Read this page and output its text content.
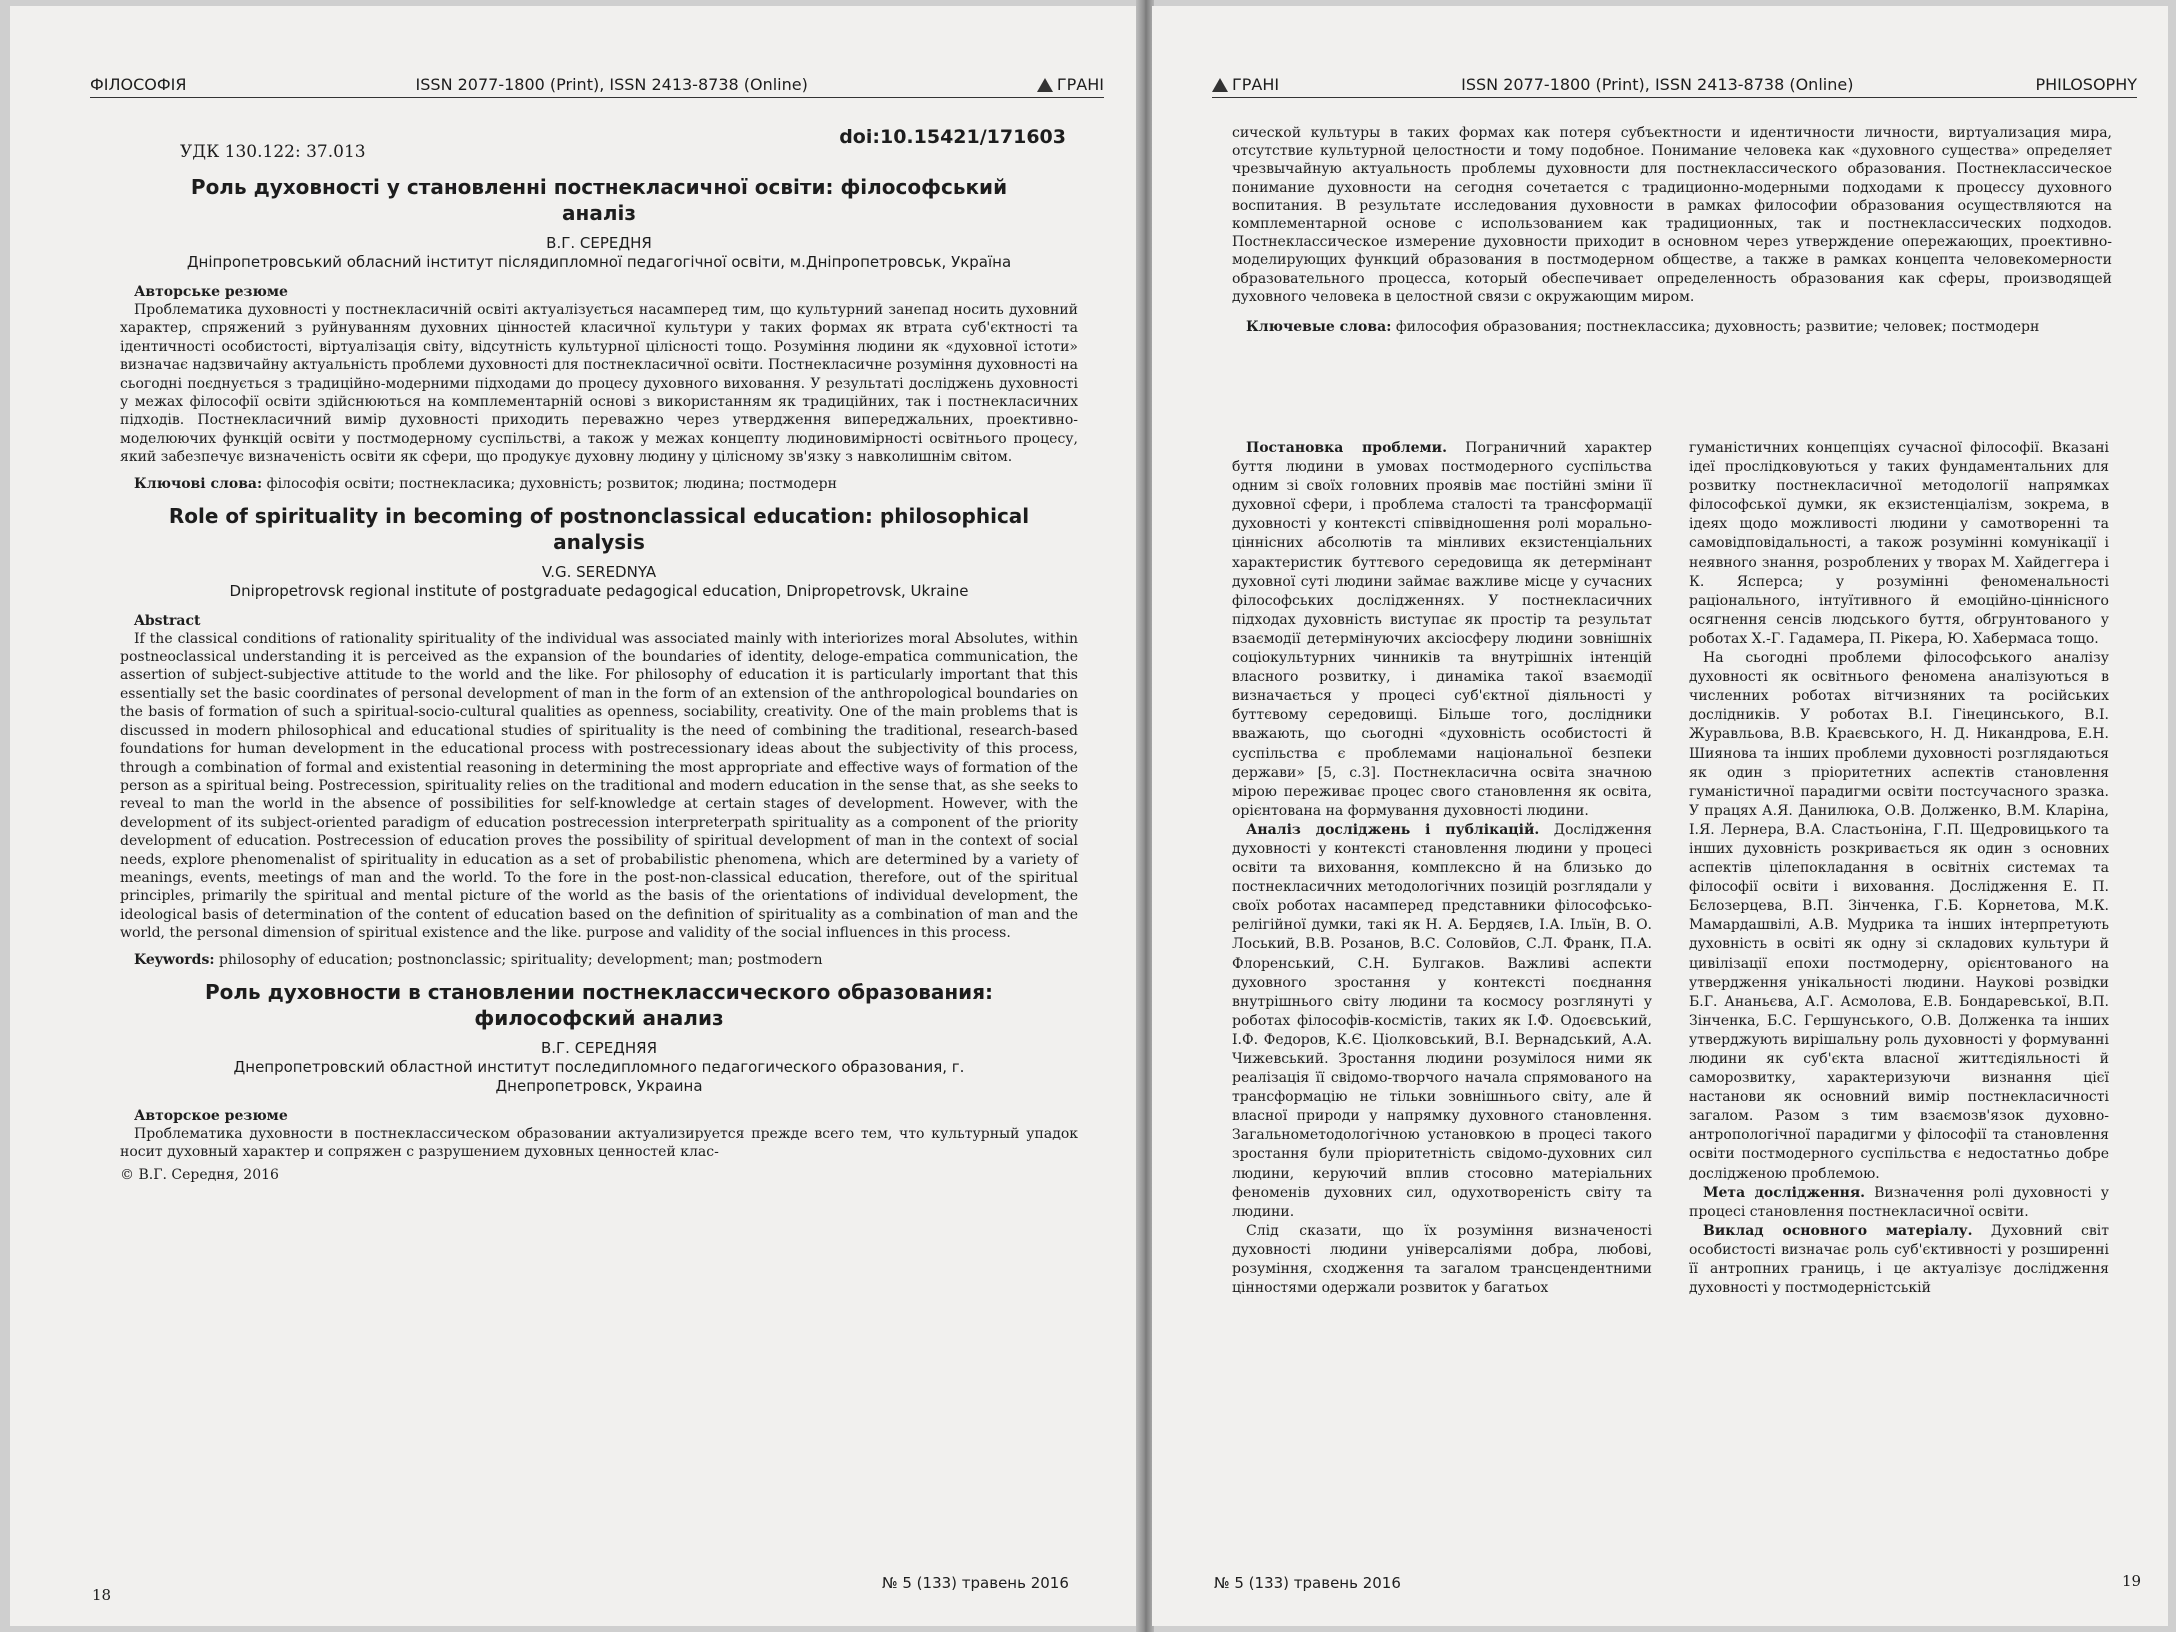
ФІЛОСОФІЯ	ISSN 2077-1800 (Print), ISSN 2413-8738 (Online)	ГРАНІ
УДК 130.122: 37.013
doi:10.15421/171603
Роль духовності у становленні постнекласичної освіти: філософський аналіз
В.Г. СЕРЕДНЯ
Дніпропетровський обласний інститут післядипломної педагогічної освіти, м.Дніпропетровськ, Україна
Авторське резюме

Проблематика духовності у постнекласичній освіті актуалізується насамперед тим, що культурний занепад носить духовний характер, спряжений з руйнуванням духовних цінностей класичної культури у таких формах як втрата суб'єктності та ідентичності особистості, віртуалізація світу, відсутність культурної цілісності тощо. Розуміння людини як «духовної істоти» визначає надзвичайну актуальність проблеми духовності для постнекласичної освіти. Постнекласичне розуміння духовності на сьогодні поєднується з традиційно-модерними підходами до процесу духовного виховання. У результаті досліджень духовності у межах філософії освіти здійснюються на комплементарній основі з використанням як традиційних, так і постнекласичних підходів. Постнекласичний вимір духовності приходить переважно через утвердження випереджальних, проективно-моделюючих функцій освіти у постмодерному суспільстві, а також у межах концепту людиновимірності освітнього процесу, який забезпечує визначеність освіти як сфери, що продукує духовну людину у цілісному зв'язку з навколишнім світом.

Ключові слова: філософія освіти; постнекласика; духовність; розвиток; людина; постмодерн
Role of spirituality in becoming of postnonclassical education: philosophical analysis
V.G. SEREDNYA
Dnipropetrovsk regional institute of postgraduate pedagogical education, Dnipropetrovsk, Ukraine
Abstract

If the classical conditions of rationality spirituality of the individual was associated mainly with interiorizes moral Absolutes, within postneoclassical understanding it is perceived as the expansion of the boundaries of identity, deloge-empatica communication, the assertion of subject-subjective attitude to the world and the like. For philosophy of education it is particularly important that this essentially set the basic coordinates of personal development of man in the form of an extension of the anthropological boundaries on the basis of formation of such a spiritual-socio-cultural qualities as openness, sociability, creativity. One of the main problems that is discussed in modern philosophical and educational studies of spirituality is the need of combining the traditional, research-based foundations for human development in the educational process with postrecessionary ideas about the subjectivity of this process, through a combination of formal and existential reasoning in determining the most appropriate and effective ways of formation of the person as a spiritual being. Postrecession, spirituality relies on the traditional and modern education in the sense that, as she seeks to reveal to man the world in the absence of possibilities for self-knowledge at certain stages of development. However, with the development of its subject-oriented paradigm of education postrecession interpreterpath spirituality as a component of the priority development of education. Postrecession of education proves the possibility of spiritual development of man in the context of social needs, explore phenomenalist of spirituality in education as a set of probabilistic phenomena, which are determined by a variety of meanings, events, meetings of man and the world. To the fore in the post-non-classical education, therefore, out of the spiritual principles, primarily the spiritual and mental picture of the world as the basis of the orientations of individual development, the ideological basis of determination of the content of education based on the definition of spirituality as a combination of man and the world, the personal dimension of spiritual existence and the like. purpose and validity of the social influences in this process.

Keywords: philosophy of education; postnonclassic; spirituality; development; man; postmodern
Роль духовности в становлении постнеклассического образования: философский анализ
В.Г. СЕРЕДНЯЯ
Днепропетровский областной институт последипломного педагогического образования, г. Днепропетровск, Украина
Авторское резюме

Проблематика духовности в постнеклассическом образовании актуализируется прежде всего тем, что культурный упадок носит духовный характер и сопряжен с разрушением духовных ценностей клас-

© В.Г. Середня, 2016
18
№ 5 (133) травень 2016
ГРАНІ	ISSN 2077-1800 (Print), ISSN 2413-8738 (Online)	PHILOSOPHY

сической культуры в таких формах как потеря субъектности и идентичности личности, виртуализация мира, отсутствие культурной целостности и тому подобное. Понимание человека как «духовного существа» определяет чрезвычайную актуальность проблемы духовности для постнеклассического образования. Постнеклассическое понимание духовности на сегодня сочетается с традиционно-модерными подходами к процессу духовного воспитания. В результате исследования духовности в рамках философии образования осуществляются на комплементарной основе с использованием как традиционных, так и постнеклассических подходов. Постнеклассическое измерение духовности приходит в основном через утверждение опережающих, проективно-моделирующих функций образования в постмодерном обществе, а также в рамках концепта человекомерности образовательного процесса, который обеспечивает определенность образования как сферы, производящей духовного человека в целостной связи с окружающим миром.

Ключевые слова: философия образования; постнеклассика; духовность; развитие; человек; постмодерн

Постановка проблеми. Пограничний характер буття людини в умовах постмодерного суспільства одним зі своїх головних проявів має постійні зміни її духовної сфери, і проблема сталості та трансформації духовності у контексті співвідношення ролі морально-ціннісних абсолютів та мінливих екзистенціальних характеристик буттєвого середовища як детермінант духовної суті людини займає важливе місце у сучасних філософських дослідженнях. У постнекласичних підходах духовність виступає як простір та результат взаємодії детермінуючих аксіосферу людини зовнішніх соціокультурних чинників та внутрішніх інтенцій власного розвитку, і динаміка такої взаємодії визначається у процесі суб'єктної діяльності у буттєвому середовищі. Більше того, дослідники вважають, що сьогодні «духовність особистості й суспільства є проблемами національної безпеки держави» [5, с.3]. Постнекласична освіта значною мірою переживає процес свого становлення як освіта, орієнтована на формування духовності людини.

Аналіз досліджень і публікацій. Дослідження духовності у контексті становлення людини у процесі освіти та виховання, комплексно й на близько до постнекласичних методологічних позицій розглядали у своїх роботах насамперед представники філософсько-релігійної думки, такі як Н. А. Бердяєв, І.А. Ільїн, В. О. Лоський, В.В. Розанов, В.С. Соловйов, С.Л. Франк, П.А. Флоренський, С.Н. Булгаков. Важливі аспекти духовного зростання у контексті поєднання внутрішнього світу людини та космосу розглянуті у роботах філософів-космістів, таких як І.Ф. Одоєвський, І.Ф. Федоров, К.Є. Ціолковський, В.І. Вернадський, А.А. Чижевський. Зростання людини розумілося ними як реалізація її свідомо-творчого начала спрямованого на трансформацію не тільки зовнішнього світу, але й власної природи у напрямку духовного становлення. Загальнометодологічною установкою в процесі такого зростання були пріоритетність свідомо-духовних сил людини, керуючий вплив стосовно матеріальних феноменів духовних сил, одухотвореність світу та людини.

Слід сказати, що їх розуміння визначеності духовності людини універсаліями добра, любові, розуміння, сходження та загалом трансцендентними цінностями одержали розвиток у багатьох

гуманістичних концепціях сучасної філософії. Вказані ідеї прослідковуються у таких фундаментальних для розвитку постнекласичної методології напрямках філософської думки, як екзистенціалізм, зокрема, в ідеях щодо можливості людини у самотворенні та самовідповідальності, а також розумінні комунікації і неявного знання, розроблених у творах М. Хайдеггера і К. Ясперса; у розумінні феноменальності раціонального, інтуїтивного й емоційно-ціннісного осягнення сенсів людського буття, обгрунтованого у роботах Х.-Г. Гадамера, П. Рікера, Ю. Хабермаса тощо.

На сьогодні проблеми філософського аналізу духовності як освітнього феномена аналізуються в численних роботах вітчизняних та російських дослідників. У роботах В.І. Гінецинського, В.І. Журавльова, В.В. Краєвського, Н. Д. Никандрова, Е.Н. Шиянова та інших проблеми духовності розглядаються як один з пріоритетних аспектів становлення гуманістичної парадигми освіти постсучасного зразка. У працях А.Я. Данилюка, О.В. Долженко, В.М. Кларіна, І.Я. Лернера, В.А. Сластьоніна, Г.П. Щедровицького та інших духовність розкривається як один з основних аспектів цілепокладання в освітніх системах та філософії освіти і виховання. Дослідження Е. П. Бєлозерцева, В.П. Зінченка, Г.Б. Корнетова, М.К. Мамардашвілі, А.В. Мудрика та інших інтерпретують духовність в освіті як одну зі складових культури й цивілізації епохи постмодерну, орієнтованого на утвердження унікальності людини. Наукові розвідки Б.Г. Ананьєва, А.Г. Асмолова, Е.В. Бондаревської, В.П. Зінченка, Б.С. Гершунського, О.В. Долженка та інших утверджують вирішальну роль духовності у формуванні людини як суб'єкта власної життєдіяльності й саморозвитку, характеризуючи визнання цієї настанови як основний вимір постнекласичності загалом. Разом з тим взаємозв'язок духовно-антропологічної парадигми у філософії та становлення освіти постмодерного суспільства є недостатньо добре дослідженою проблемою.

Мета дослідження. Визначення ролі духовності у процесі становлення постнекласичної освіти.

Виклад основного матеріалу. Духовний світ особистості визначає роль суб'єктивності у розширенні її антропних границь, і це актуалізує дослідження духовності у постмодерністській

№ 5 (133) травень 2016	19
